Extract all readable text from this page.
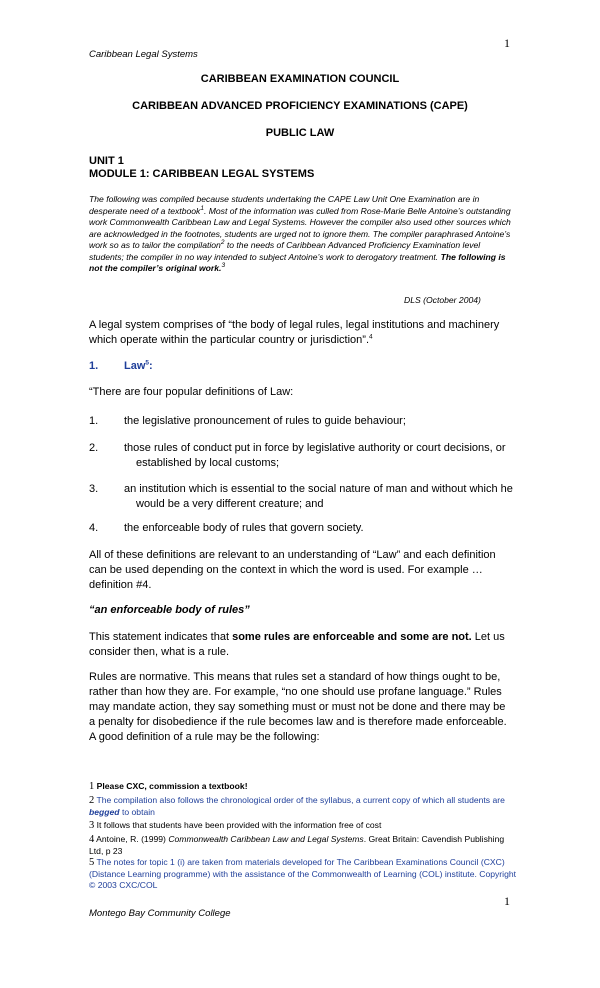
1
Caribbean Legal Systems
CARIBBEAN EXAMINATION COUNCIL
CARIBBEAN ADVANCED PROFICIENCY EXAMINATIONS (CAPE)
PUBLIC LAW
UNIT 1
MODULE 1: CARIBBEAN LEGAL SYSTEMS
The following was compiled because students undertaking the CAPE Law Unit One Examination are in desperate need of a textbook$^1$. Most of the information was culled from Rose-Marie Belle Antoine’s outstanding work Commonwealth Caribbean Law and Legal Systems. However the compiler also used other sources which are acknowledged in the footnotes, students are urged not to ignore them. The compiler paraphrased Antoine’s work so as to tailor the compilation$^2$ to the needs of Caribbean Advanced Proficiency Examination level students; the compiler in no way intended to subject Antoine’s work to derogatory treatment. The following is not the compiler’s original work.$^3$
DLS (October 2004)
A legal system comprises of “the body of legal rules, legal institutions and machinery which operate within the particular country or jurisdiction”.$^4$
1. Law$^5$:
“There are four popular definitions of Law:
1. the legislative pronouncement of rules to guide behaviour;
2. those rules of conduct put in force by legislative authority or court decisions, or established by local customs;
3. an institution which is essential to the social nature of man and without which he would be a very different creature; and
4. the enforceable body of rules that govern society.
All of these definitions are relevant to an understanding of “Law” and each definition can be used depending on the context in which the word is used. For example … definition #4.
“an enforceable body of rules”
This statement indicates that some rules are enforceable and some are not. Let us consider then, what is a rule.
Rules are normative. This means that rules set a standard of how things ought to be, rather than how they are. For example, “no one should use profane language.” Rules may mandate action, they say something must or must not be done and there may be a penalty for disobedience if the rule becomes law and is therefore made enforceable. A good definition of a rule may be the following:
1 Please CXC, commission a textbook!
2 The compilation also follows the chronological order of the syllabus, a current copy of which all students are begged to obtain
3 It follows that students have been provided with the information free of cost
4 Antoine, R. (1999) Commonwealth Caribbean Law and Legal Systems. Great Britain: Cavendish Publishing Ltd, p 23
5 The notes for topic 1 (i) are taken from materials developed for The Caribbean Examinations Council (CXC) (Distance Learning programme) with the assistance of the Commonwealth of Learning (COL) institute. Copyright © 2003 CXC/COL
1
Montego Bay Community College
